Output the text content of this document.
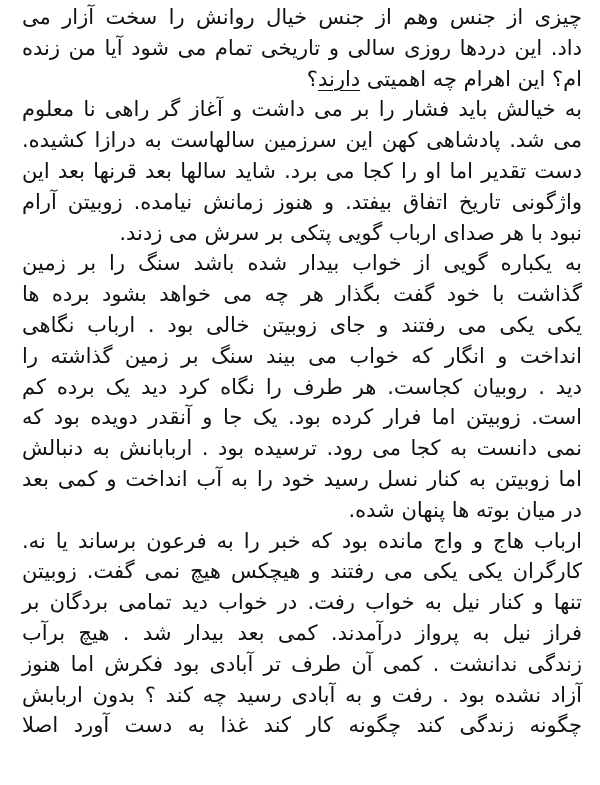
چیزی از جنس وهم از جنس خیال روانش را سخت آزار می
داد. این دردها روزی سالی و تاریخی تمام می شود آیا من زنده
ام؟ این اهرام چه اهمیتی دارند؟

به خیالش باید فشار را بر می داشت و آغاز گر راهی نا معلوم
می شد. پادشاهی کهن این سرزمین سالهاست به درازا کشیده.
دست تقدیر اما او را کجا می برد. شاید سالها بعد قرنها بعد این
واژگونی تاریخ اتفاق بیفتد. و هنوز زمانش نیامده. زوبیتن آرام
نبود با هر صدای ارباب گویی پتکی بر سرش می زدند.

به یکباره گویی از خواب بیدار شده باشد سنگ را بر زمین
گذاشت با خود گفت بگذار هر چه می خواهد بشود برده ها
یکی یکی می رفتند و جای زوبیتن خالی بود . ارباب نگاهی
انداخت و انگار که خواب می بیند سنگ بر زمین گذاشته را
دید . روبیان کجاست. هر طرف را نگاه کرد دید یک برده کم
است. زوبیتن اما فرار کرده بود. یک جا و آنقدر دویده بود که
نمی دانست به کجا می رود. ترسیده بود . اربابانش به دنبالش
اما زوبیتن به کنار نسل رسید خود را به آب انداخت و کمی بعد
در میان بوته ها پنهان شده.

ارباب هاج و واج مانده بود که خبر را به فرعون برساند یا نه.
کارگران یکی یکی می رفتند و هیچکس هیچ نمی گفت. زوبیتن
تنها و کنار نیل به خواب رفت. در خواب دید تمامی بردگان بر
فراز نیل به پرواز درآمدند. کمی بعد بیدار شد . هیچ برآب
زندگی ندانشت . کمی آن طرف تر آبادی بود فکرش اما هنوز
آزاد نشده بود . رفت و به آبادی رسید چه کند ؟ بدون اربابش
چگونه زندگی کند چگونه کار کند غذا به دست آورد اصلا
